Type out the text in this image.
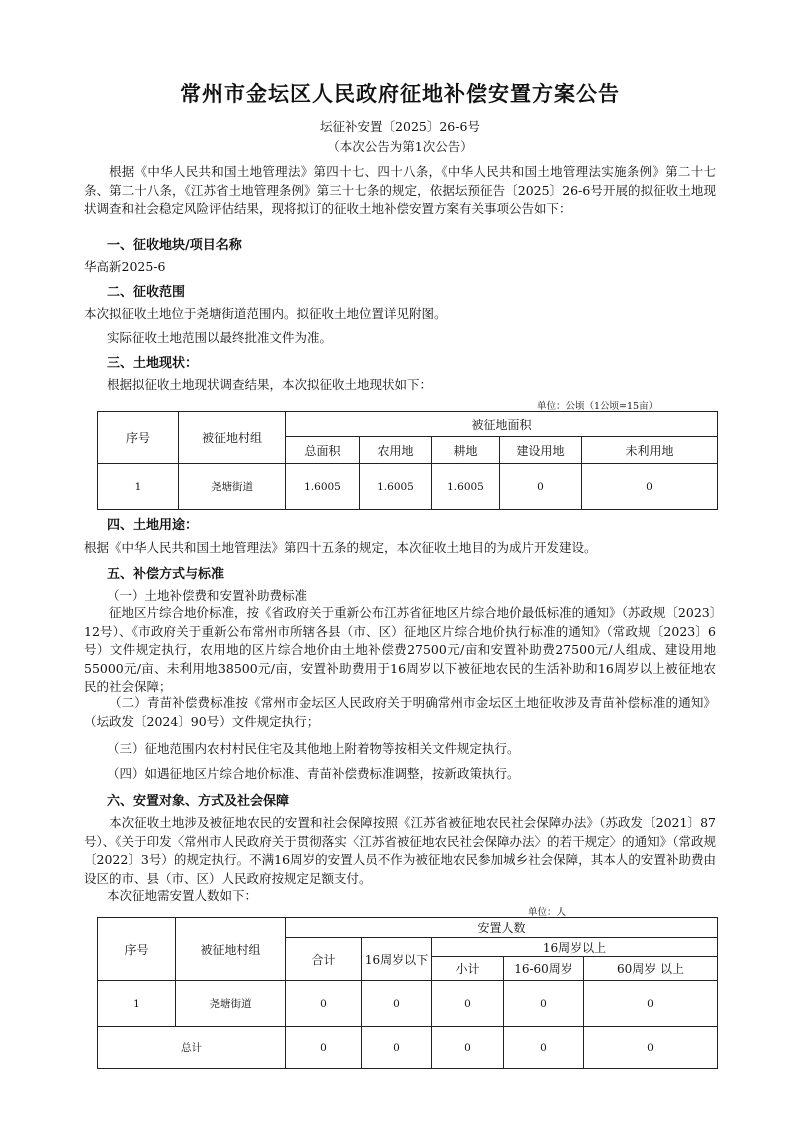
常州市金坛区人民政府征地补偿安置方案公告
坛征补安置〔2025〕26-6号
（本次公告为第1次公告）

根据《中华人民共和国土地管理法》第四十七、四十八条，《中华人民共和国土地管理法实施条例》第二十七条、第二十八条，《江苏省土地管理条例》第三十七条的规定，依据坛预征告〔2025〕26-6号开展的拟征收土地现状调查和社会稳定风险评估结果，现将拟订的征收土地补偿安置方案有关事项公告如下：

一、征收地块/项目名称

华高新2025-6

二、征收范围

本次拟征收土地位于尧塘街道范围内。拟征收土地位置详见附图。

实际征收土地范围以最终批准文件为准。

三、土地现状：

根据拟征收土地现状调查结果，本次拟征收土地现状如下：

单位：公顷（1公顷=15亩）
序号	被征地村组	被征地面积				
		总面积	农用地	耕地	建设用地	未利用地
1	尧塘街道	1.6005	1.6005	1.6005	0	0

四、土地用途：

根据《中华人民共和国土地管理法》第四十五条的规定，本次征收土地目的为成片开发建设。

五、补偿方式与标准

（一）土地补偿费和安置补助费标准

征地区片综合地价标准，按《省政府关于重新公布江苏省征地区片综合地价最低标准的通知》（苏政规〔2023〕12号）、《市政府关于重新公布常州市所辖各县（市、区）征地区片综合地价执行标准的通知》（常政规〔2023〕6号）文件规定执行，农用地的区片综合地价由土地补偿费27500元/亩和安置补助费27500元/人组成、建设用地55000元/亩、未利用地38500元/亩，安置补助费用于16周岁以下被征地农民的生活补助和16周岁以上被征地农民的社会保障；

（二）青苗补偿费标准按《常州市金坛区人民政府关于明确常州市金坛区土地征收涉及青苗补偿标准的通知》（坛政发〔2024〕90号）文件规定执行；

（三）征地范围内农村村民住宅及其他地上附着物等按相关文件规定执行。

（四）如遇征地区片综合地价标准、青苗补偿费标准调整，按新政策执行。

六、安置对象、方式及社会保障

本次征收土地涉及被征地农民的安置和社会保障按照《江苏省被征地农民社会保障办法》（苏政发〔2021〕87号）、《关于印发〈常州市人民政府关于贯彻落实〈江苏省被征地农民社会保障办法〉的若干规定〉的通知》（常政规〔2022〕3号）的规定执行。不满16周岁的安置人员不作为被征地农民参加城乡社会保障，其本人的安置补助费由设区的市、县（市、区）人民政府按规定足额支付。

本次征地需安置人数如下：

单位：人
序号	被征地村组	安置人数				
		合计	16周岁以下	16周岁以上		
				小计	16-60周岁	60周岁 以上
1	尧塘街道	0	0	0	0	0
总计		0	0	0	0	0
